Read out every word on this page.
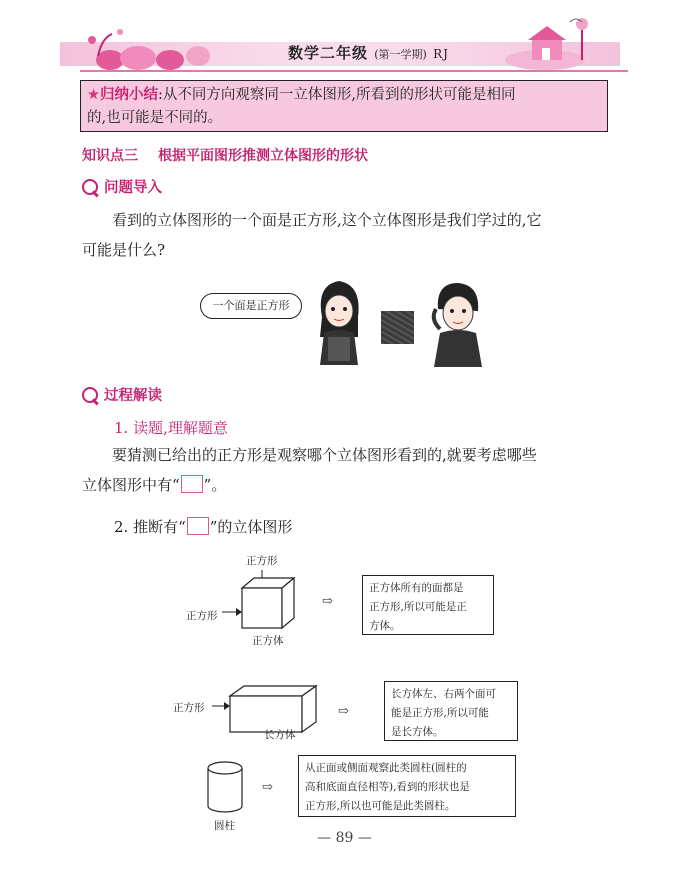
数学二年级 (第一学期) RJ
★归纳小结:从不同方向观察同一立体图形,所看到的形状可能是相同
的,也可能是不同的。
知识点三 根据平面图形推测立体图形的形状
问题导入
看到的立体图形的一个面是正方形,这个立体图形是我们学过的,它
可能是什么?
一个面是正方形
过程解读
1. 读题,理解题意
要猜测已给出的正方形是观察哪个立体图形看到的,就要考虑哪些
立体图形中有“ ”。
2. 推断有“ ”的立体图形
正方形
正方形
正方体
⇨
正方体所有的面都是
正方形,所以可能是正
方体。
正方形
长方体
⇨
长方体左、右两个面可
能是正方形,所以可能
是长方体。
圆柱
⇨
从正面或侧面观察此类圆柱(圆柱的
高和底面直径相等),看到的形状也是
正方形,所以也可能是此类圆柱。
— 89 —
